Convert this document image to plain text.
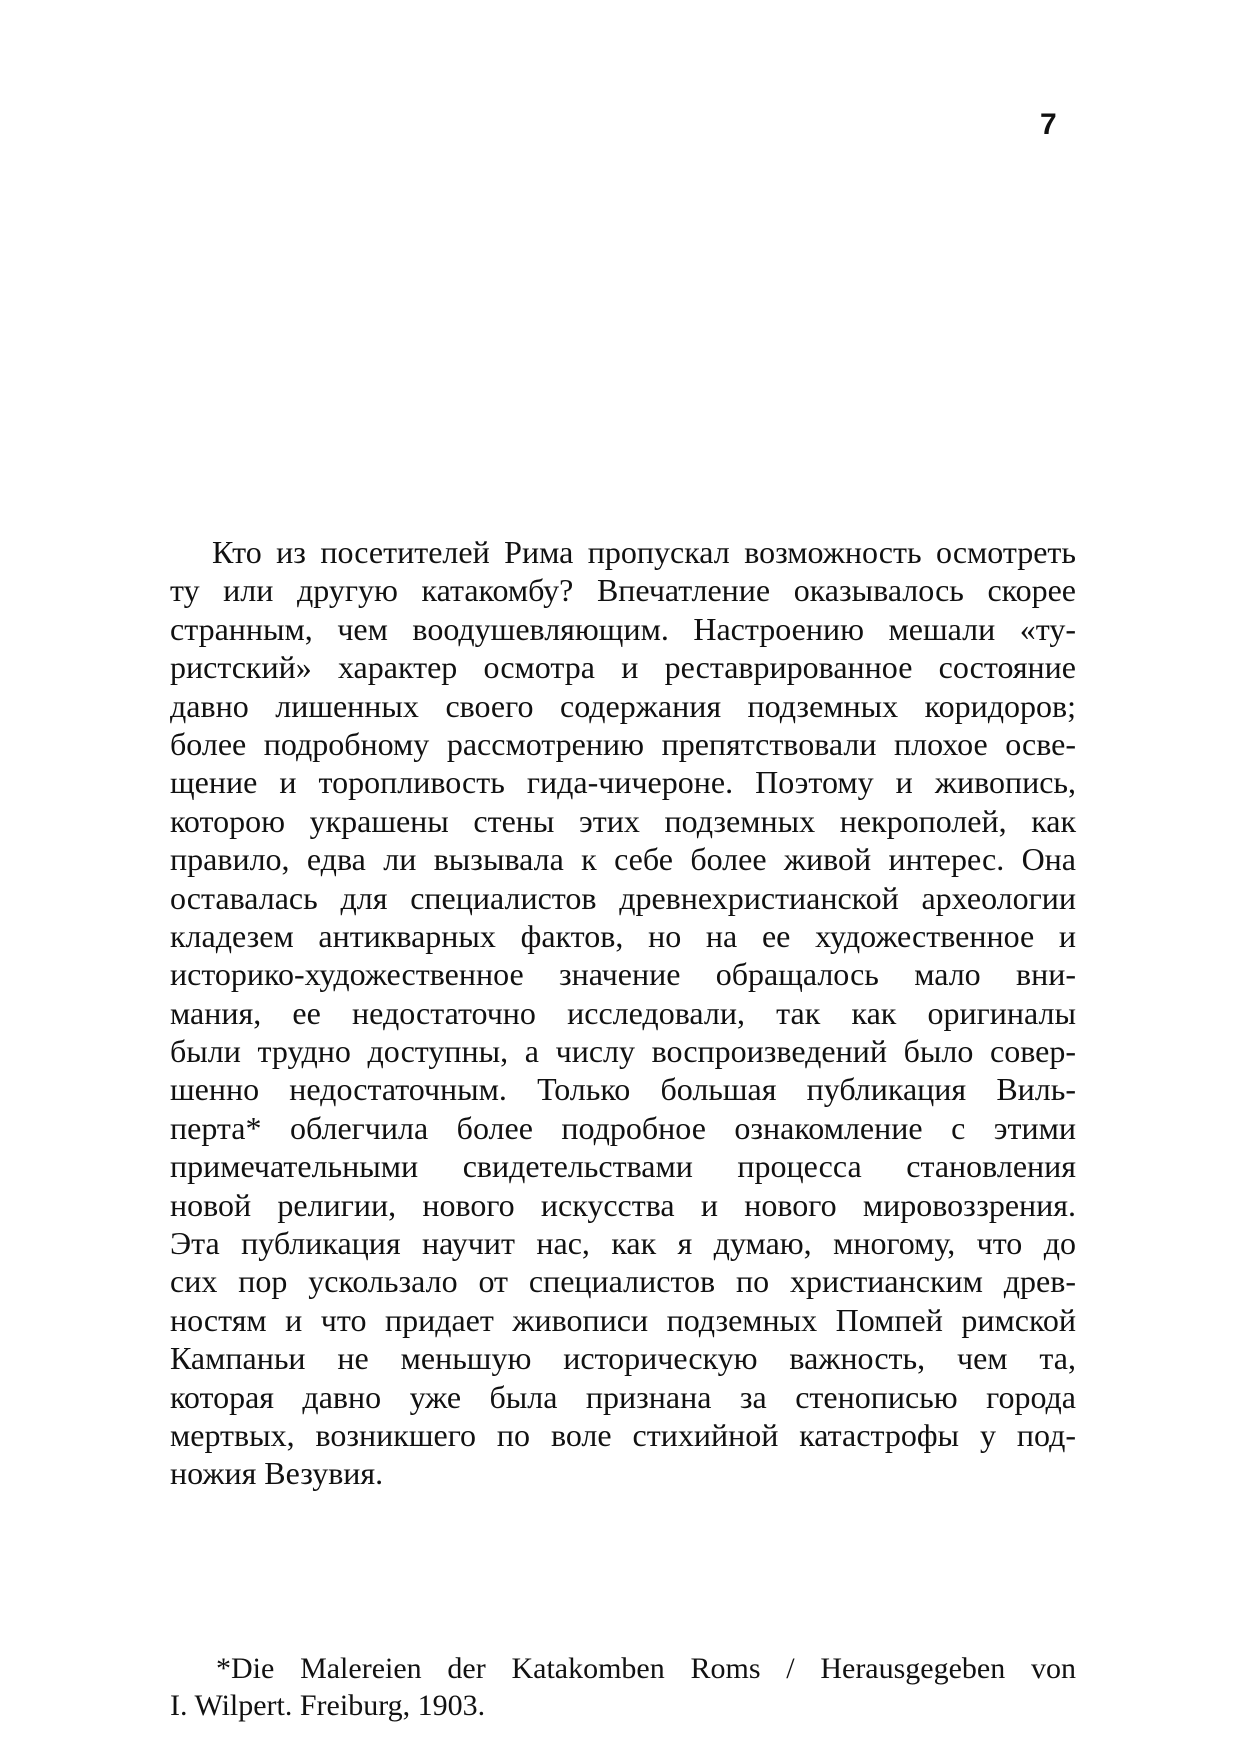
7
Кто из посетителей Рима пропускал возможность осмотреть
ту или другую катакомбу? Впечатление оказывалось скорее
странным, чем воодушевляющим. Настроению мешали «ту-
ристский» характер осмотра и реставрированное состояние
давно лишенных своего содержания подземных коридоров;
более подробному рассмотрению препятствовали плохое осве-
щение и торопливость гида-чичероне. Поэтому и живопись,
которою украшены стены этих подземных некрополей, как
правило, едва ли вызывала к себе более живой интерес. Она
оставалась для специалистов древнехристианской археологии
кладезем антикварных фактов, но на ее художественное и
историко-художественное значение обращалось мало вни-
мания, ее недостаточно исследовали, так как оригиналы
были трудно доступны, а числу воспроизведений было совер-
шенно недостаточным. Только большая публикация Виль-
перта* облегчила более подробное ознакомление с этими
примечательными свидетельствами процесса становления
новой религии, нового искусства и нового мировоззрения.
Эта публикация научит нас, как я думаю, многому, что до
сих пор ускользало от специалистов по христианским древ-
ностям и что придает живописи подземных Помпей римской
Кампаньи не меньшую историческую важность, чем та,
которая давно уже была признана за стенописью города
мертвых, возникшего по воле стихийной катастрофы у под-
ножия Везувия.
*Die Malereien der Katakomben Roms / Herausgegeben von
I. Wilpert. Freiburg, 1903.
